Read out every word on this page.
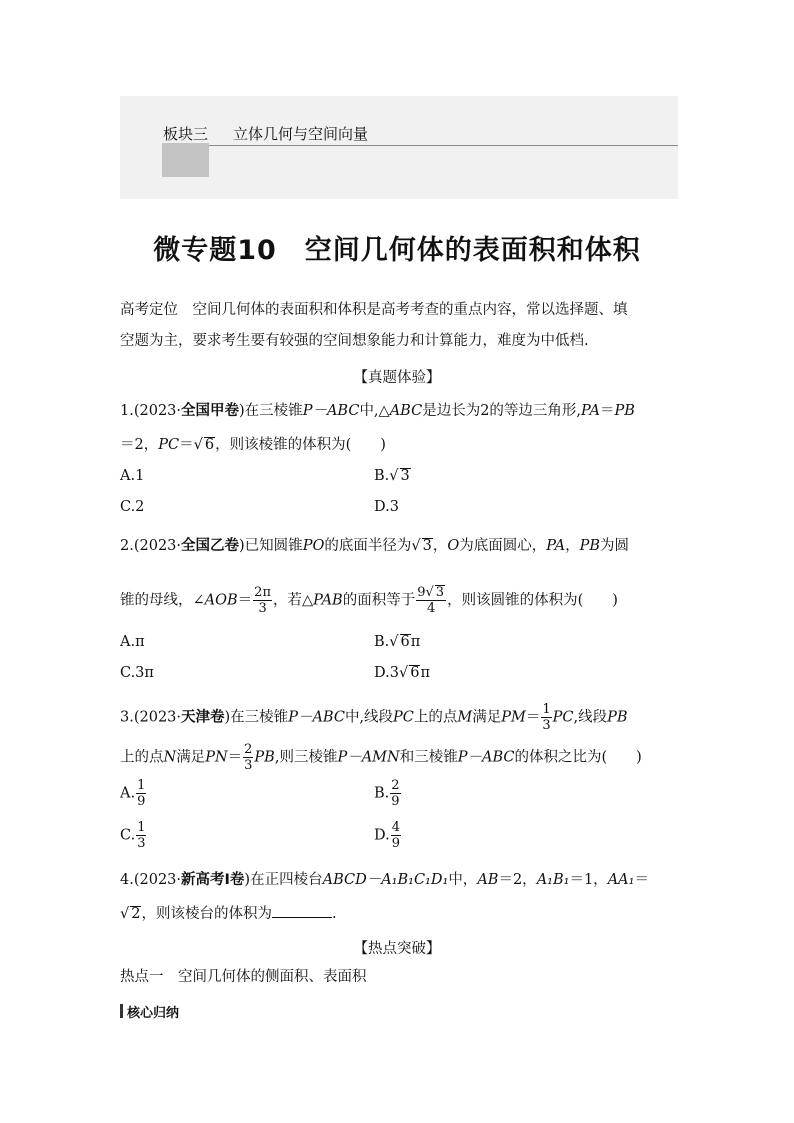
板块三 立体几何与空间向量
微专题10 空间几何体的表面积和体积
高考定位　空间几何体的表面积和体积是高考考查的重点内容，常以选择题、填
空题为主，要求考生要有较强的空间想象能力和计算能力，难度为中低档.
【真题体验】
1.(2023·全国甲卷)在三棱锥P－ABC中,△ABC是边长为2的等边三角形,PA＝PB
＝2，PC＝√ 6，则该棱锥的体积为(　　)
A.1	B.√ 3
C.2	D.3
2.(2023·全国乙卷)已知圆锥PO的底面半径为√ 3，O为底面圆心，PA，PB为圆
锥的母线，∠AOB＝ $\frac{2\pi}{3}$ ，若△PAB的面积等于 $\frac{9√ 3}{4}$ ，则该圆锥的体积为(　　)
A.π	B.√ 6π
C.3π	D.3√ 6π
3.(2023·天津卷)在三棱锥P－ABC中,线段PC上的点M满足$PM= \frac{1}{3}$ PC,线段PB
上的点N满足$PN= \frac{2}{3}$ PB,则三棱锥P－AMN和三棱锥P－ABC的体积之比为(　　)
A. $\frac{1}{9}$	B. $\frac{2}{9}$
C. $\frac{1}{3}$	D. $\frac{4}{9}$
4.(2023·新高考Ⅰ卷)在正四棱台ABCD－A₁B₁C₁D₁中，AB＝2，A₁B₁＝1，AA₁＝
√ 2，则该棱台的体积为	.
【热点突破】
热点一　空间几何体的侧面积、表面积
核心归纳
